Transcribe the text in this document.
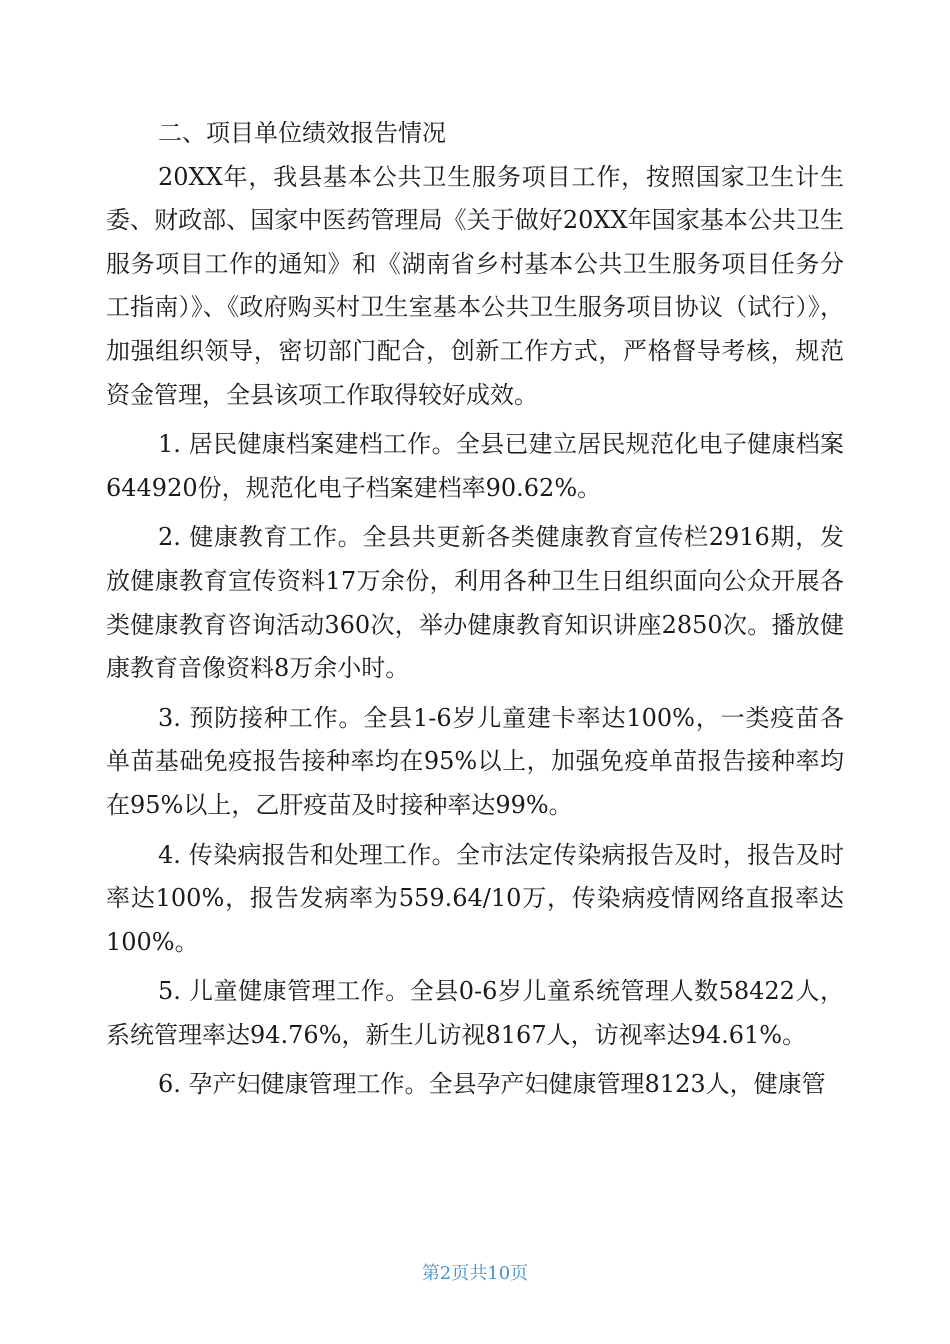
二、项目单位绩效报告情况

20XX年，我县基本公共卫生服务项目工作，按照国家卫生计生委、财政部、国家中医药管理局《关于做好20XX年国家基本公共卫生服务项目工作的通知》和《湖南省乡村基本公共卫生服务项目任务分工指南）》、《政府购买村卫生室基本公共卫生服务项目协议（试行）》，加强组织领导，密切部门配合，创新工作方式，严格督导考核，规范资金管理，全县该项工作取得较好成效。

1. 居民健康档案建档工作。全县已建立居民规范化电子健康档案644920份，规范化电子档案建档率90.62%。

2. 健康教育工作。全县共更新各类健康教育宣传栏2916期，发放健康教育宣传资料17万余份，利用各种卫生日组织面向公众开展各类健康教育咨询活动360次，举办健康教育知识讲座2850次。播放健康教育音像资料8万余小时。

3. 预防接种工作。全县1-6岁儿童建卡率达100%，一类疫苗各单苗基础免疫报告接种率均在95%以上，加强免疫单苗报告接种率均在95%以上，乙肝疫苗及时接种率达99%。

4. 传染病报告和处理工作。全市法定传染病报告及时，报告及时率达100%，报告发病率为559.64/10万，传染病疫情网络直报率达100%。

5. 儿童健康管理工作。全县0-6岁儿童系统管理人数58422人，系统管理率达94.76%，新生儿访视8167人，访视率达94.61%。

6. 孕产妇健康管理工作。全县孕产妇健康管理8123人，健康管

第2页共10页
